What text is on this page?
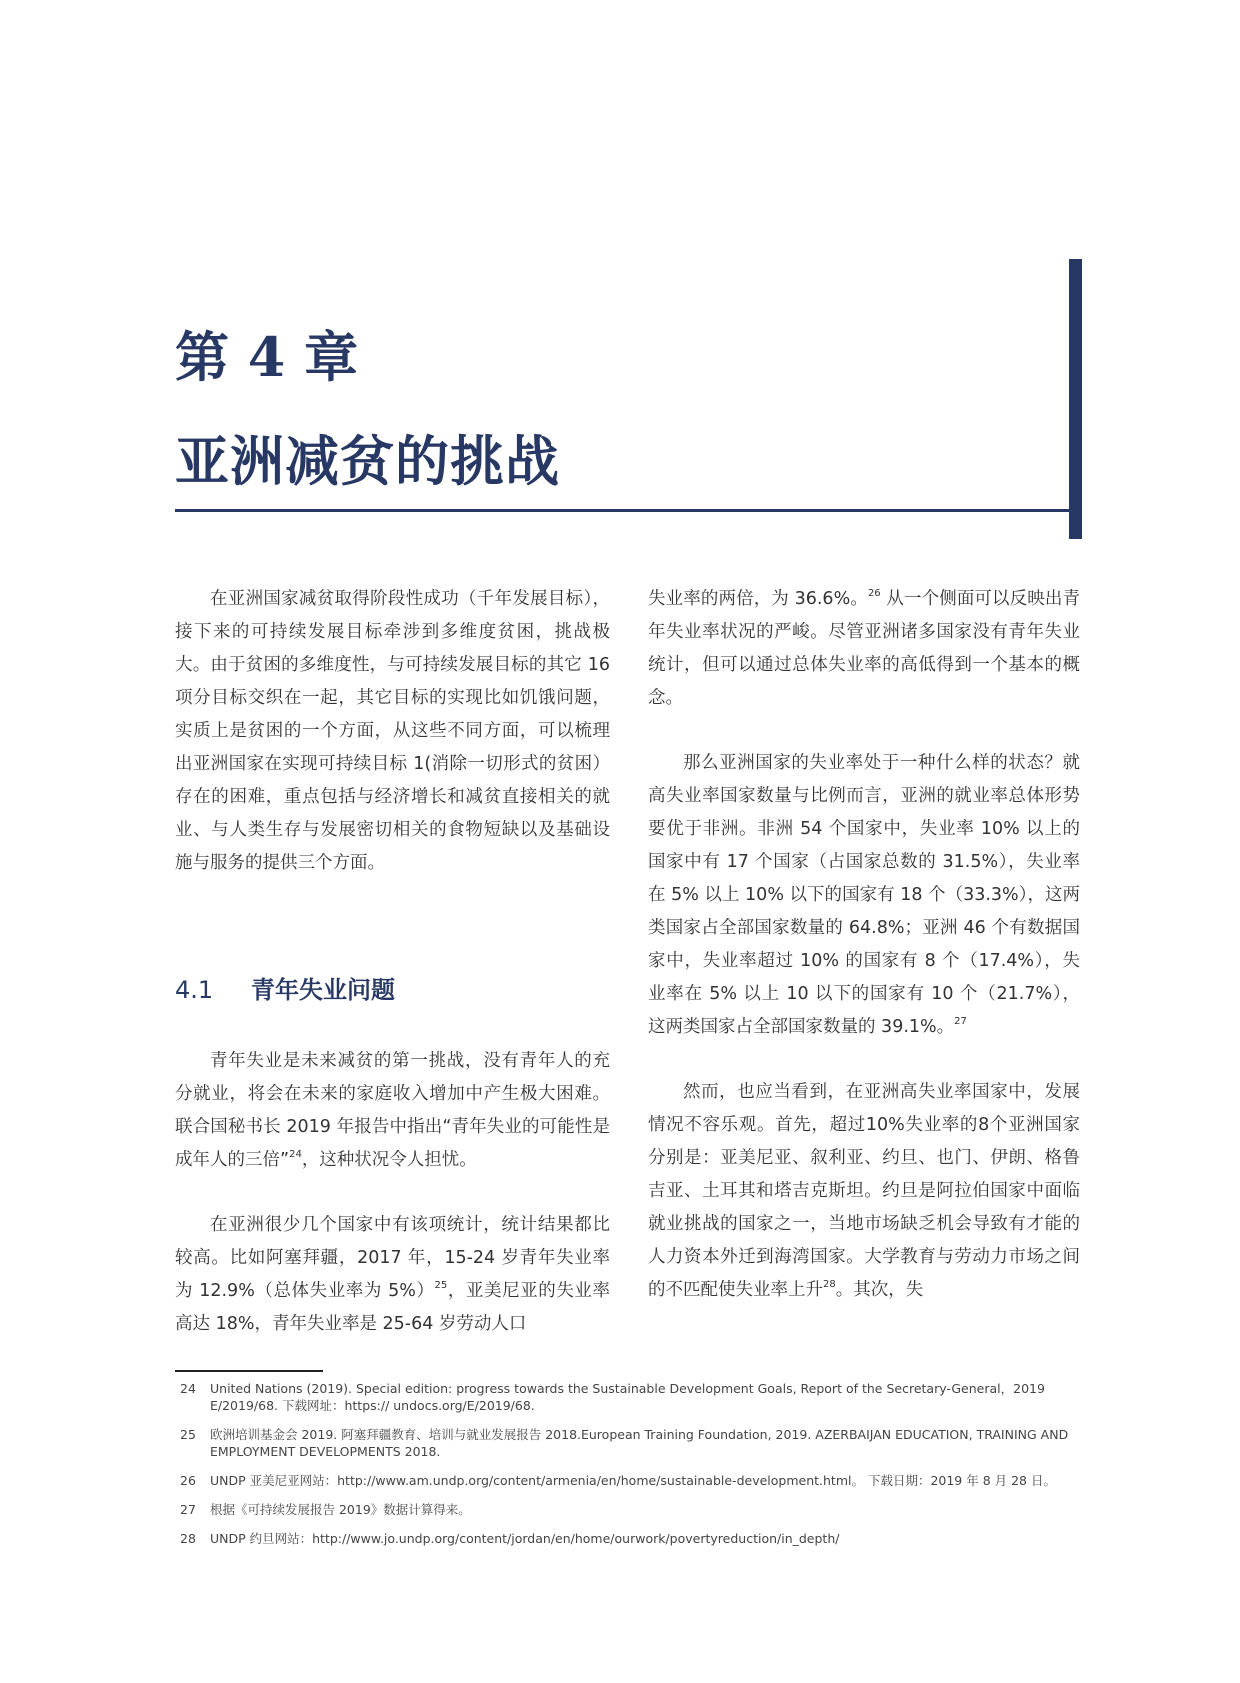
第 4 章
亚洲减贫的挑战

在亚洲国家减贫取得阶段性成功（千年发展目标），接下来的可持续发展目标牵涉到多维度贫困，挑战极大。由于贫困的多维度性，与可持续发展目标的其它 16 项分目标交织在一起，其它目标的实现比如饥饿问题，实质上是贫困的一个方面，从这些不同方面，可以梳理出亚洲国家在实现可持续目标 1(消除一切形式的贫困）存在的困难，重点包括与经济增长和减贫直接相关的就业、与人类生存与发展密切相关的食物短缺以及基础设施与服务的提供三个方面。

4.1 青年失业问题

青年失业是未来减贫的第一挑战，没有青年人的充分就业，将会在未来的家庭收入增加中产生极大困难。联合国秘书长 2019 年报告中指出“青年失业的可能性是成年人的三倍”$^{24}$，这种状况令人担忧。

在亚洲很少几个国家中有该项统计，统计结果都比较高。比如阿塞拜疆，2017 年，15-24 岁青年失业率为 12.9%（总体失业率为 5%）$^{25}$，亚美尼亚的失业率高达 18%，青年失业率是 25-64 岁劳动人口

失业率的两倍，为 36.6%。$^{26}$ 从一个侧面可以反映出青年失业率状况的严峻。尽管亚洲诸多国家没有青年失业统计，但可以通过总体失业率的高低得到一个基本的概念。

那么亚洲国家的失业率处于一种什么样的状态？就高失业率国家数量与比例而言，亚洲的就业率总体形势要优于非洲。非洲 54 个国家中，失业率 10% 以上的国家中有 17 个国家（占国家总数的 31.5%），失业率在 5% 以上 10% 以下的国家有 18 个（33.3%），这两类国家占全部国家数量的 64.8%；亚洲 46 个有数据国家中，失业率超过 10% 的国家有 8 个（17.4%），失业率在 5% 以上 10 以下的国家有 10 个（21.7%），这两类国家占全部国家数量的 39.1%。$^{27}$

然而，也应当看到，在亚洲高失业率国家中，发展情况不容乐观。首先，超过10%失业率的8个亚洲国家分别是：亚美尼亚、叙利亚、约旦、也门、伊朗、格鲁吉亚、土耳其和塔吉克斯坦。约旦是阿拉伯国家中面临就业挑战的国家之一，当地市场缺乏机会导致有才能的人力资本外迁到海湾国家。大学教育与劳动力市场之间的不匹配使失业率上升$^{28}$。其次，失

24	United Nations (2019). Special edition: progress towards the Sustainable Development Goals, Report of the Secretary-General，2019 E/2019/68. 下载网址：https:// undocs.org/E/2019/68.
25	欧洲培训基金会 2019. 阿塞拜疆教育、培训与就业发展报告 2018.European Training Foundation, 2019. AZERBAIJAN EDUCATION, TRAINING AND EMPLOYMENT DEVELOPMENTS 2018.
26	UNDP 亚美尼亚网站：http://www.am.undp.org/content/armenia/en/home/sustainable-development.html。 下载日期：2019 年 8 月 28 日。
27	根据《可持续发展报告 2019》数据计算得来。
28	UNDP 约旦网站：http://www.jo.undp.org/content/jordan/en/home/ourwork/povertyreduction/in_depth/
